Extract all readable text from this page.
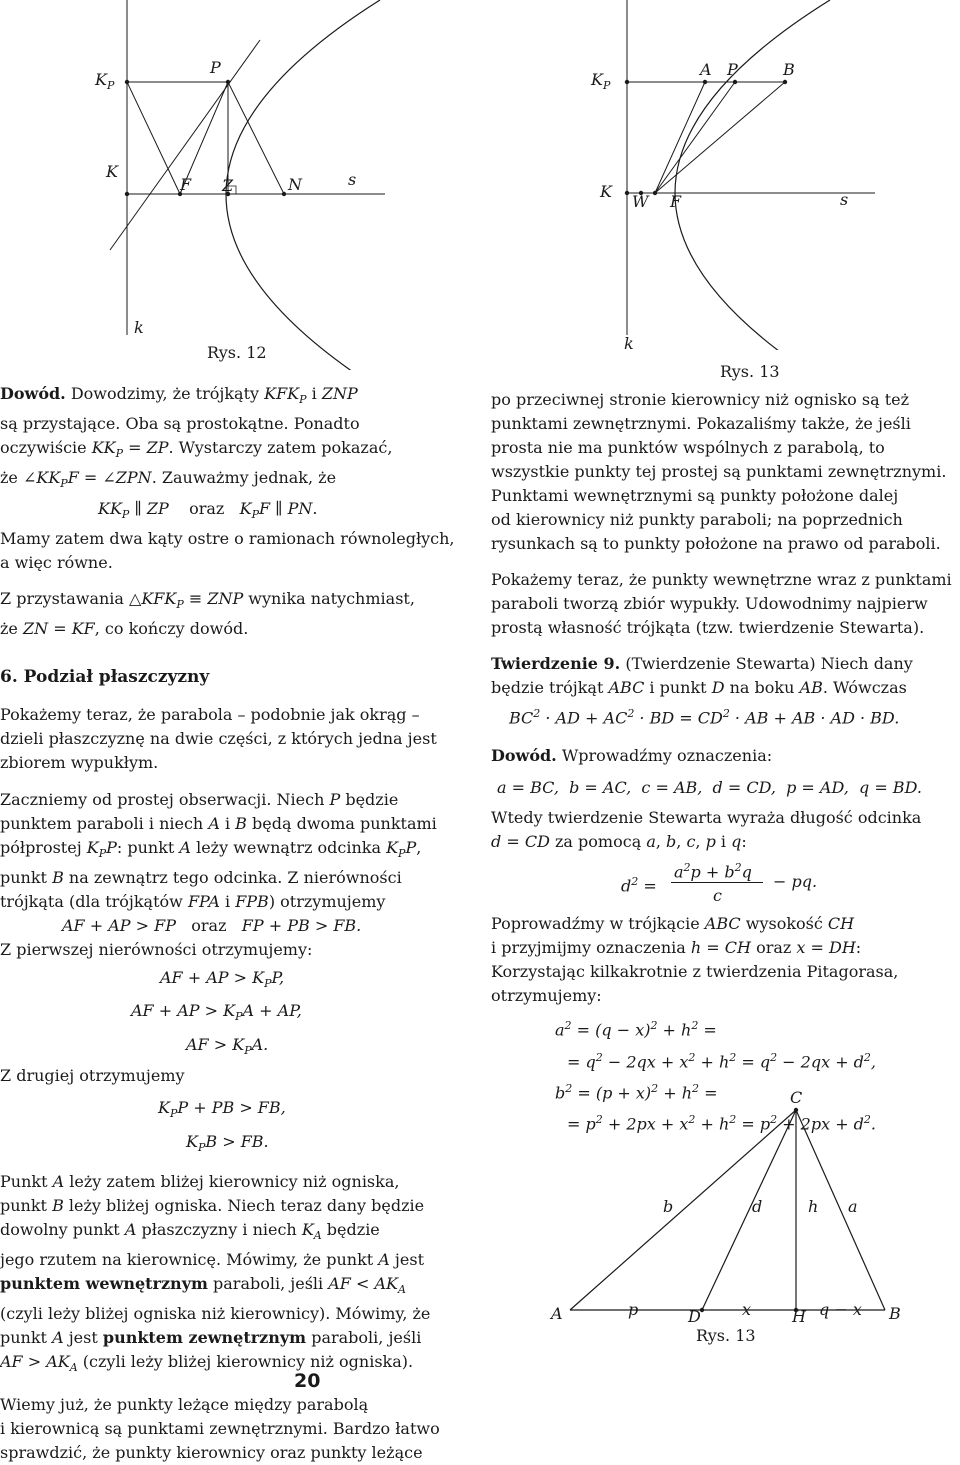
$K_P$
P
K
F Z	N	s
k
Rys. 12
$K_P$
A P	B
K
W F	s
k
Rys. 13

Dowód. Dowodzimy, że trójkąty $KFK_P$ i ZNP
są przystające. Oba są prostokątne. Ponadto
oczywiście $KK_P$ = ZP. Wystarczy zatem pokazać,
że $\angle KK_PF$ = ∠ZPN. Zauważmy jednak, że
$KK_P$ ∥ ZP    oraz   $K_PF$ ∥ PN.
Mamy zatem dwa kąty ostre o ramionach równoległych,
a więc równe.

Z przystawania $\triangle KFK_P$ ≡ ZNP wynika natychmiast,
że ZN = KF, co kończy dowód.

6. Podział płaszczyzny

Pokażemy teraz, że parabola – podobnie jak okrąg –
dzieli płaszczyznę na dwie części, z których jedna jest
zbiorem wypukłym.

Zaczniemy od prostej obserwacji. Niech P będzie
punktem paraboli i niech A i B będą dwoma punktami
półprostej $K_PP$: punkt A leży wewnątrz odcinka $K_PP$,
punkt B na zewnątrz tego odcinka. Z nierówności
trójkąta (dla trójkątów FPA i FPB) otrzymujemy
AF + AP > FP   oraz   FP + PB > FB.
Z pierwszej nierówności otrzymujemy:

AF + AP > $K_PP$,
AF + AP > $K_PA$ + AP,
AF > $K_PA$.

Z drugiej otrzymujemy

$K_PP$ + PB > FB,
$K_PB$ > FB.

Punkt A leży zatem bliżej kierownicy niż ogniska,
punkt B leży bliżej ogniska. Niech teraz dany będzie
dowolny punkt A płaszczyzny i niech $K_A$ będzie
jego rzutem na kierownicę. Mówimy, że punkt A jest
punktem wewnętrznym paraboli, jeśli AF < $AK_A$
(czyli leży bliżej ogniska niż kierownicy). Mówimy, że
punkt A jest punktem zewnętrznym paraboli, jeśli
AF > $AK_A$ (czyli leży bliżej kierownicy niż ogniska).

Wiemy już, że punkty leżące między parabolą
i kierownicą są punktami zewnętrznymi. Bardzo łatwo
sprawdzić, że punkty kierownicy oraz punkty leżące

po przeciwnej stronie kierownicy niż ognisko są też
punktami zewnętrznymi. Pokazaliśmy także, że jeśli
prosta nie ma punktów wspólnych z parabolą, to
wszystkie punkty tej prostej są punktami zewnętrznymi.
Punktami wewnętrznymi są punkty położone dalej
od kierownicy niż punkty paraboli; na poprzednich
rysunkach są to punkty położone na prawo od paraboli.

Pokażemy teraz, że punkty wewnętrzne wraz z punktami
paraboli tworzą zbiór wypukły. Udowodnimy najpierw
prostą własność trójkąta (tzw. twierdzenie Stewarta).

Twierdzenie 9. (Twierdzenie Stewarta) Niech dany
będzie trójkąt ABC i punkt D na boku AB. Wówczas
$BC^2$ · AD + $AC^2$ · BD = $CD^2$ · AB + AB · AD · BD.

Dowód. Wprowadźmy oznaczenia:

a = BC,  b = AC,  c = AB,  d = CD,  p = AD,  q = BD.

Wtedy twierdzenie Stewarta wyraża długość odcinka
d = CD za pomocą a, b, c, p i q:

$d^2$ =
$a^2p + b^2q$
c
− pq.

Poprowadźmy w trójkącie ABC wysokość CH
i przyjmijmy oznaczenia h = CH oraz x = DH:
Korzystając kilkakrotnie z twierdzenia Pitagorasa,
otrzymujemy:

$a^2 = (q - x)^2 + h^2$ =
= $q^2 - 2qx + x^2 + h^2 = q^2 - 2qx + d^2$,
$b^2 = (p + x)^2 + h^2$ =
= $p^2 + 2px + x^2 + h^2 = p^2 + 2px + d^2$.
C
b	d	h a
A	p	D	x	H q − x B
Rys. 13
20
